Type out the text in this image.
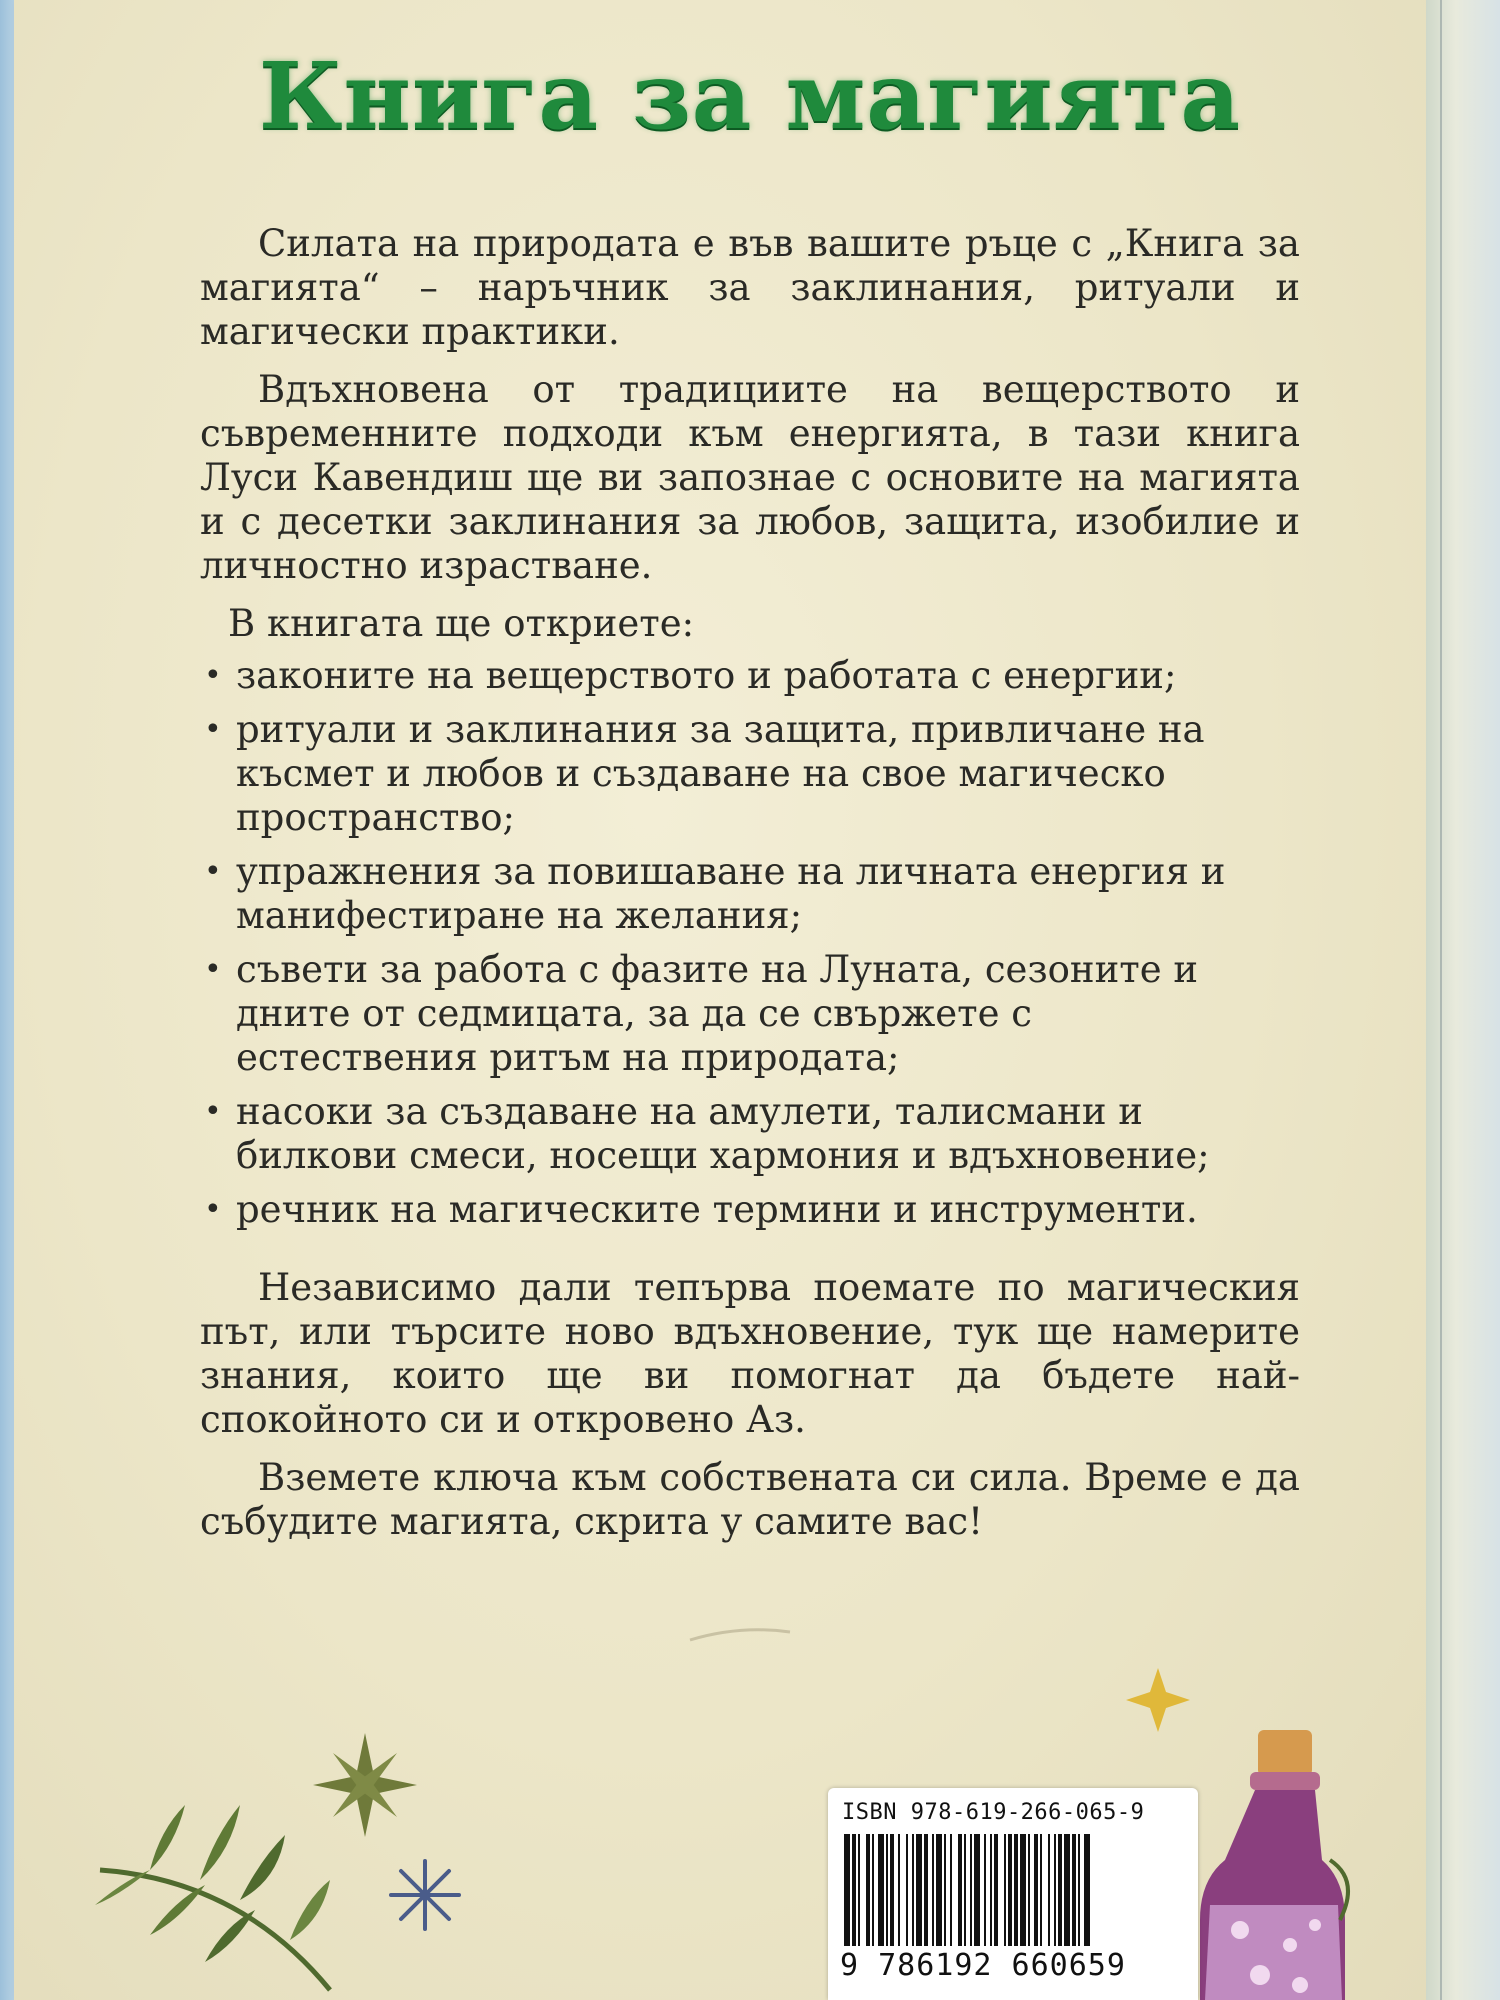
Книга за магията

Силата на природата е във вашите ръце с „Книга за магията“ – наръчник за заклинания, ритуали и магически практики.

Вдъхновена от традициите на вещерството и съвременните подходи към енергията, в тази книга Луси Кавендиш ще ви запознае с основите на магията и с десетки заклинания за любов, защита, изобилие и личностно израстване.

В книгата ще откриете:

• законите на вещерството и работата с енергии;
• ритуали и заклинания за защита, привличане на късмет и любов и създаване на свое магическо пространство;
• упражнения за повишаване на личната енергия и манифестиране на желания;
• съвети за работа с фазите на Луната, сезоните и дните от седмицата, за да се свържете с естествения ритъм на природата;
• насоки за създаване на амулети, талисмани и билкови смеси, носещи хармония и вдъхновение;
• речник на магическите термини и инструменти.

Независимо дали тепърва поемате по магическия път, или търсите ново вдъхновение, тук ще намерите знания, които ще ви помогнат да бъдете най-спокойното си и откровено Аз.

Вземете ключа към собствената си сила. Време е да събудите магията, скрита у самите вас!

ISBN 978-619-266-065-9

9 786192 660659
